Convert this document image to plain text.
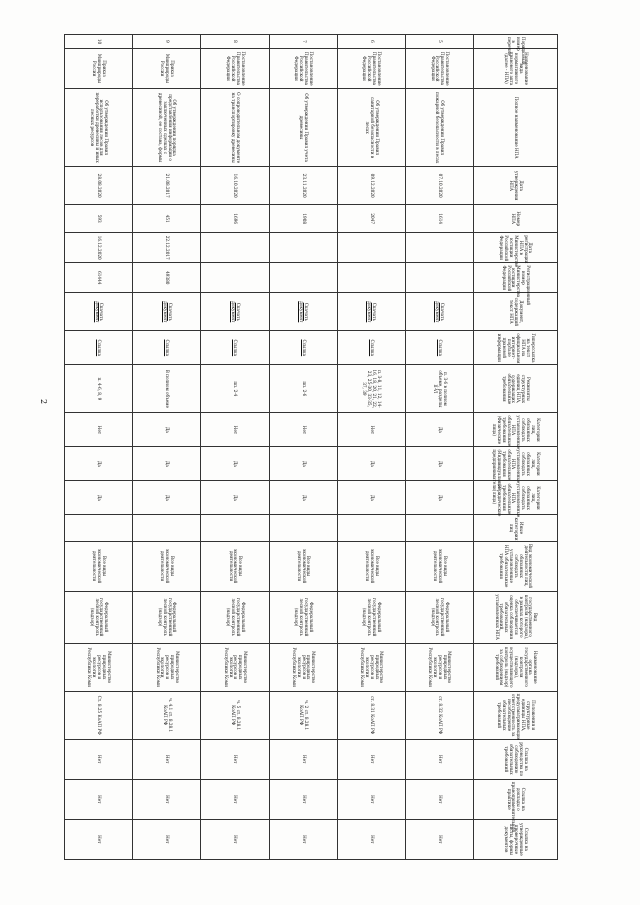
2
Порядковый номер в перечне	Наименование вида нормативного правового акта (далее - НПА)	Полное наименование НПА	Дата утверждения НПА	Номер НПА	Дата регистрации НПА в Министерстве юстиции Российской Федерации	Регистрационный номер Министерства юстиции Российской Федерации	Документ, содержащий текст НПА	Гиперссылка на текст НПА на официальном интернет-портале правовой информации	Реквизиты структурных единиц НПА, содержащих обязательные требования	Категории лиц, обязанных соблюдать установленные НПА обязательные требования (Физические лица)	Категории лиц, обязанных соблюдать установленные НПА обязательные требования (Индивидуальные предприниматели)	Категории лиц, обязанных соблюдать установленные НПА обязательные требования (Юридические лица)	Иные категории лиц	Вид экономической деятельности лиц, обязанных соблюдать установленные НПА обязательные требования	Вид государственного контроля (надзора), в рамках которого обеспечивается оценка соблюдения обязательных требований, установленных НПА	Наименование органа государственного контроля (надзора), осуществляющего контроль (надзор) за соблюдением требований	Положения и структурные единицы НПА, предусматривающие ответственность за несоблюдение обязательных требований	Ссылка на руководства по соблюдению обязательных требований	Ссылка на доклады о правоприменительной практике	Ссылка на утвержденные проверочные листы, формы документов
5	Постановление Правительства Российской Федерации	Об утверждении Правил пожарной безопасности в лесах	07.10.2020	1614			Скачать документ	Ссылка	п. 3-6 в полном объеме, разделы II-VI	Да	Да	Да		Все виды экономической деятельности	Федеральный государственный лесной контроль (надзор)	Министерство природных ресурсов и экологии Республики Коми	ст. 8.32 КоАП РФ	Нет	Нет	Нет
6	Постановление Правительства Российской Федерации	Об утверждении Правил санитарной безопасности в лесах	09.12.2020	2047			Скачать документ	Ссылка	п. 3-8, 11, 12, 14-16, 18, 20, 21, 22, 23, 25-30, 33-35, 37, 39	Нет	Да	Да		Все виды экономической деятельности	Федеральный государственный лесной контроль (надзор)	Министерство природных ресурсов и экологии Республики Коми	ст. 8.31 КоАП РФ	Нет	Нет	Нет
7	Постановление Правительства Российской Федерации	Об утверждении Правил учета древесины	23.11.2020	1908			Скачать документ	Ссылка	пп. 2-6	Нет	Да	Да		Все виды экономической деятельности	Федеральный государственный лесной контроль (надзор)	Министерство природных ресурсов и экологии Республики Коми	ч. 2 ст. 8.28.1 КоАП РФ	Нет	Нет	Нет
8	Постановление Правительства Российской Федерации	О сопроводительном документе на транспортировку древесины	16.10.2020	1696			Скачать документ	Ссылка	пп. 2-4	Нет	Да	Да		Все виды экономической деятельности	Федеральный государственный лесной контроль (надзор)	Министерство природных ресурсов и экологии Республики Коми	ч. 5 ст. 8.28.1 КоАП РФ	Нет	Нет	Нет
9	Приказ Минприроды России	Об утверждении порядка представления информации о заключенных сделках с древесиной, ее состава, формы	21.08.2017	451	22.12.2017	49380	Скачать документ	Ссылка	В полном объеме	Да	Да	Да		Все виды экономической деятельности	Федеральный государственный лесной контроль (надзор)	Министерство природных ресурсов и экологии Республики Коми	ч. 4.1 ст. 8.28.1 КоАП РФ	Нет	Нет	Нет
10	Приказ Минприроды России	Об утверждении Правил использования лесов для переработки древесины и иных лесных ресурсов	28.08.2020	593	16.12.2020	61444	Скачать документ	Ссылка	п. 4-6, 8, 9	Нет	Да	Да		Все виды экономической деятельности	Федеральный государственный лесной контроль (надзор)	Министерство природных ресурсов и экологии Республики Коми	Ст. 8.25 КоАП РФ	Нет	Нет	Нет
